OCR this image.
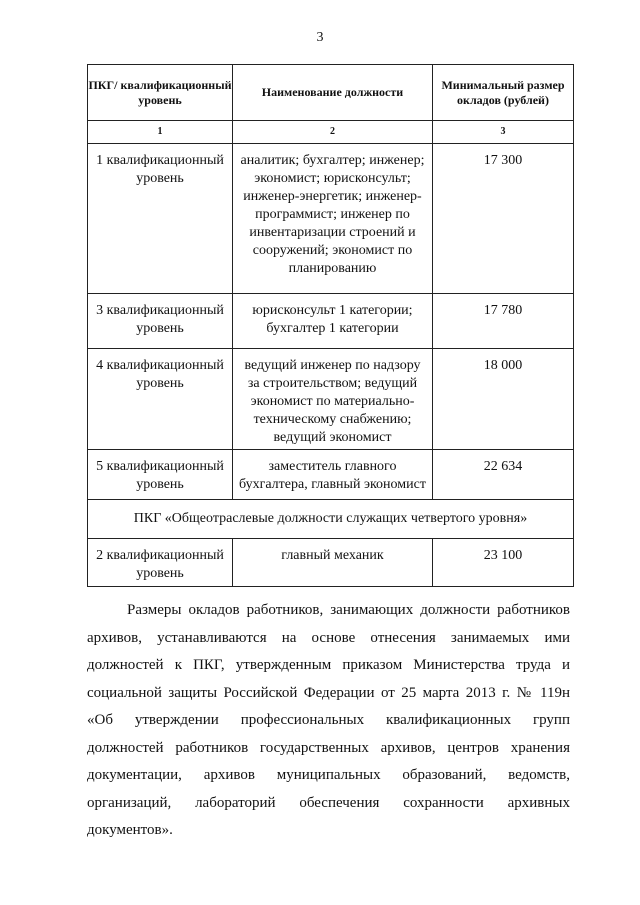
3
ПКГ/ квалификационный уровень	Наименование должности	Минимальный размер окладов (рублей)
1	2	3
1 квалификационный уровень	аналитик; бухгалтер; инженер; экономист; юрисконсульт; инженер-энергетик; инженер-программист; инженер по инвентаризации строений и сооружений; экономист по планированию	17 300
3 квалификационный уровень	юрисконсульт 1 категории; бухгалтер 1 категории	17 780
4 квалификационный уровень	ведущий инженер по надзору за строительством; ведущий экономист по материально-техническому снабжению; ведущий экономист	18 000
5 квалификационный уровень	заместитель главного бухгалтера, главный экономист	22 634
ПКГ «Общеотраслевые должности служащих четвертого уровня»		
2 квалификационный уровень	главный механик	23 100

Размеры окладов работников, занимающих должности работников архивов, устанавливаются на основе отнесения занимаемых ими должностей к ПКГ, утвержденным приказом Министерства труда и социальной защиты Российской Федерации от 25 марта 2013 г. № 119н «Об утверждении профессиональных квалификационных групп должностей работников государственных архивов, центров хранения документации, архивов муниципальных образований, ведомств, организаций, лабораторий обеспечения сохранности архивных документов».
